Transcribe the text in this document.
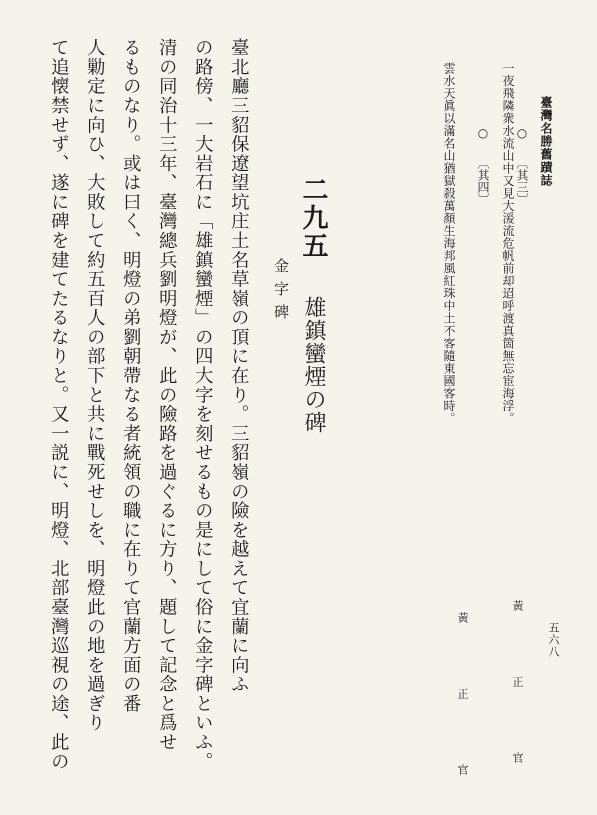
臺灣名勝舊蹟誌
五六八
○
〔其三〕
一夜飛隣衆水流山中又見大湲流危帆前却迢呼渡真箇無忘宦海浮。
黃 正 官
○
〔其四〕
雲水天眞以滿名山猶獄殺萬顏生海邦風紅珠中土不客隨東國客時。
黃 正 官
二九五
雄鎮蠻煙の碑
金字碑
臺北廳三貂保遼望坑庄土名草嶺の頂に在り。三貂嶺の險を越えて宜蘭に向ふ
の路傍、一大岩石に「雄鎮蠻煙」の四大字を刻せるもの是にして俗に金字碑といふ。
清の同治十三年、臺灣總兵劉明燈が、此の險路を過ぐるに方り、題して記念と爲せ
るものなり。或は曰く、明燈の弟劉朝帶なる者統領の職に在りて官蘭方面の番
人勦定に向ひ、大敗して約五百人の部下と共に戰死せしを、明燈此の地を過ぎり
て追懐禁せず、遂に碑を建てたるなりと。又一説に、明燈、北部臺灣巡視の途、此の
